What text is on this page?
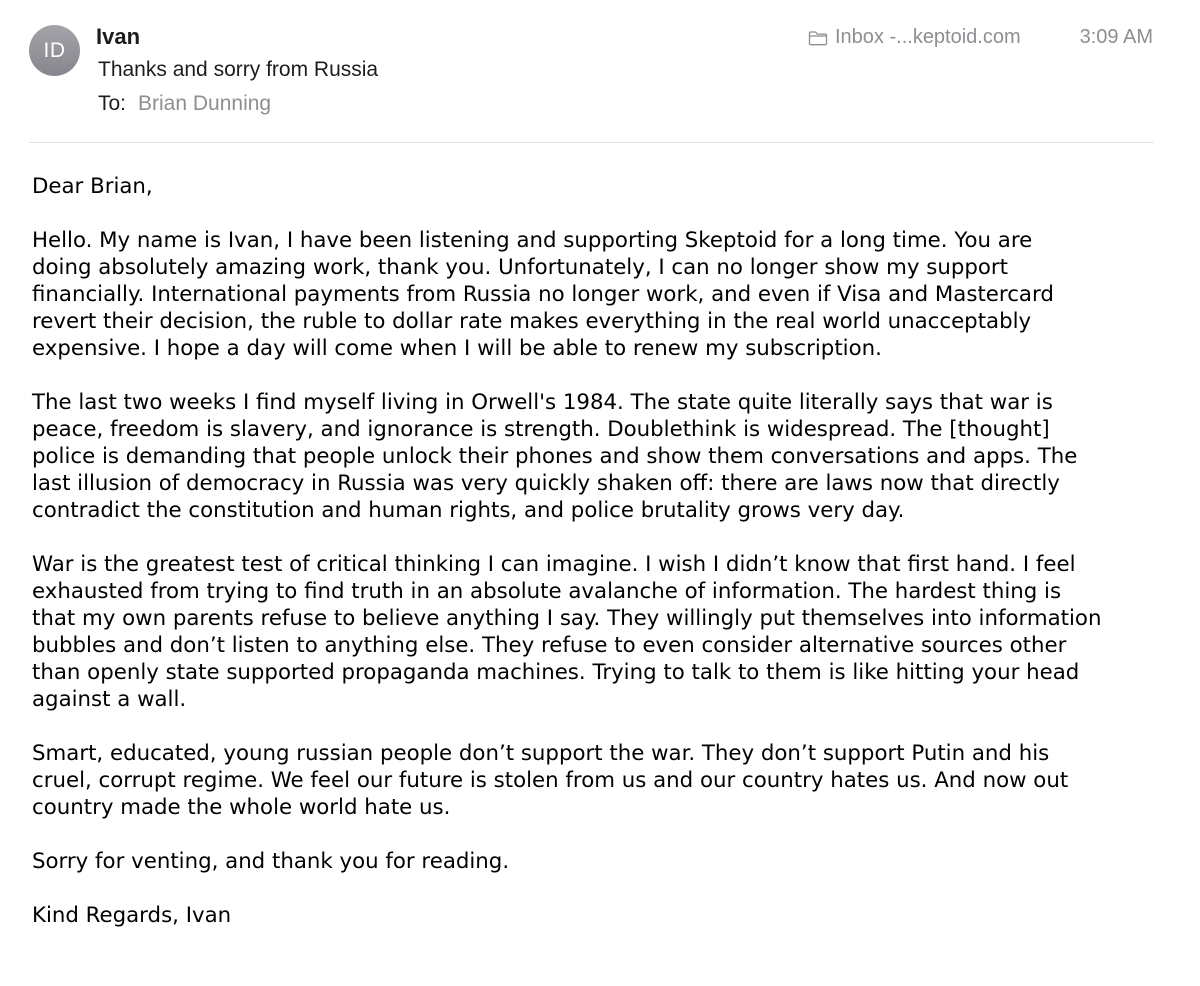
ID
Ivan
Thanks and sorry from Russia
To: Brian Dunning
Inbox -...keptoid.com	3:09 AM

Dear Brian,

Hello. My name is Ivan, I have been listening and supporting Skeptoid for a long time. You are
doing absolutely amazing work, thank you. Unfortunately, I can no longer show my support
financially. International payments from Russia no longer work, and even if Visa and Mastercard
revert their decision, the ruble to dollar rate makes everything in the real world unacceptably
expensive. I hope a day will come when I will be able to renew my subscription.

The last two weeks I find myself living in Orwell's 1984. The state quite literally says that war is
peace, freedom is slavery, and ignorance is strength. Doublethink is widespread. The [thought]
police is demanding that people unlock their phones and show them conversations and apps. The
last illusion of democracy in Russia was very quickly shaken off: there are laws now that directly
contradict the constitution and human rights, and police brutality grows very day.

War is the greatest test of critical thinking I can imagine. I wish I didn’t know that first hand. I feel
exhausted from trying to find truth in an absolute avalanche of information. The hardest thing is
that my own parents refuse to believe anything I say. They willingly put themselves into information
bubbles and don’t listen to anything else. They refuse to even consider alternative sources other
than openly state supported propaganda machines. Trying to talk to them is like hitting your head
against a wall.

Smart, educated, young russian people don’t support the war. They don’t support Putin and his
cruel, corrupt regime. We feel our future is stolen from us and our country hates us. And now out
country made the whole world hate us.

Sorry for venting, and thank you for reading.

Kind Regards, Ivan
